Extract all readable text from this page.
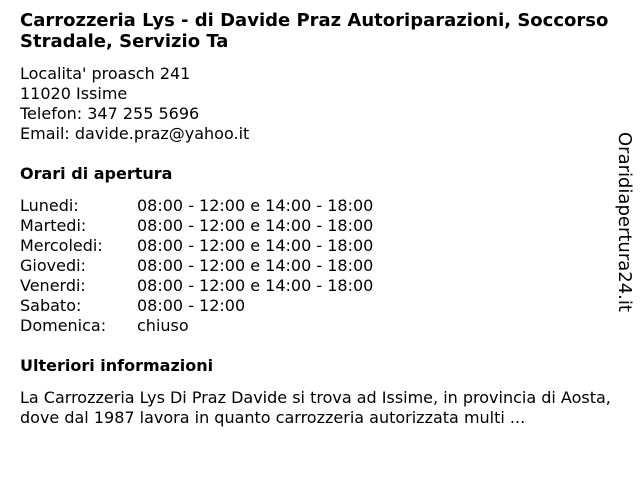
Carrozzeria Lys - di Davide Praz Autoriparazioni, Soccorso Stradale, Servizio Ta
Localita' proasch 241
11020 Issime
Telefon: 347 255 5696
Email: davide.praz@yahoo.it
Orari di apertura
Lunedi:	08:00 - 12:00 e 14:00 - 18:00
Martedi:	08:00 - 12:00 e 14:00 - 18:00
Mercoledi:	08:00 - 12:00 e 14:00 - 18:00
Giovedi:	08:00 - 12:00 e 14:00 - 18:00
Venerdi:	08:00 - 12:00 e 14:00 - 18:00
Sabato:	08:00 - 12:00
Domenica:	chiuso
Ulteriori informazioni
La Carrozzeria Lys Di Praz Davide si trova ad Issime, in provincia di Aosta, dove dal 1987 lavora in quanto carrozzeria autorizzata multi ...
Oraridiapertura24.it
